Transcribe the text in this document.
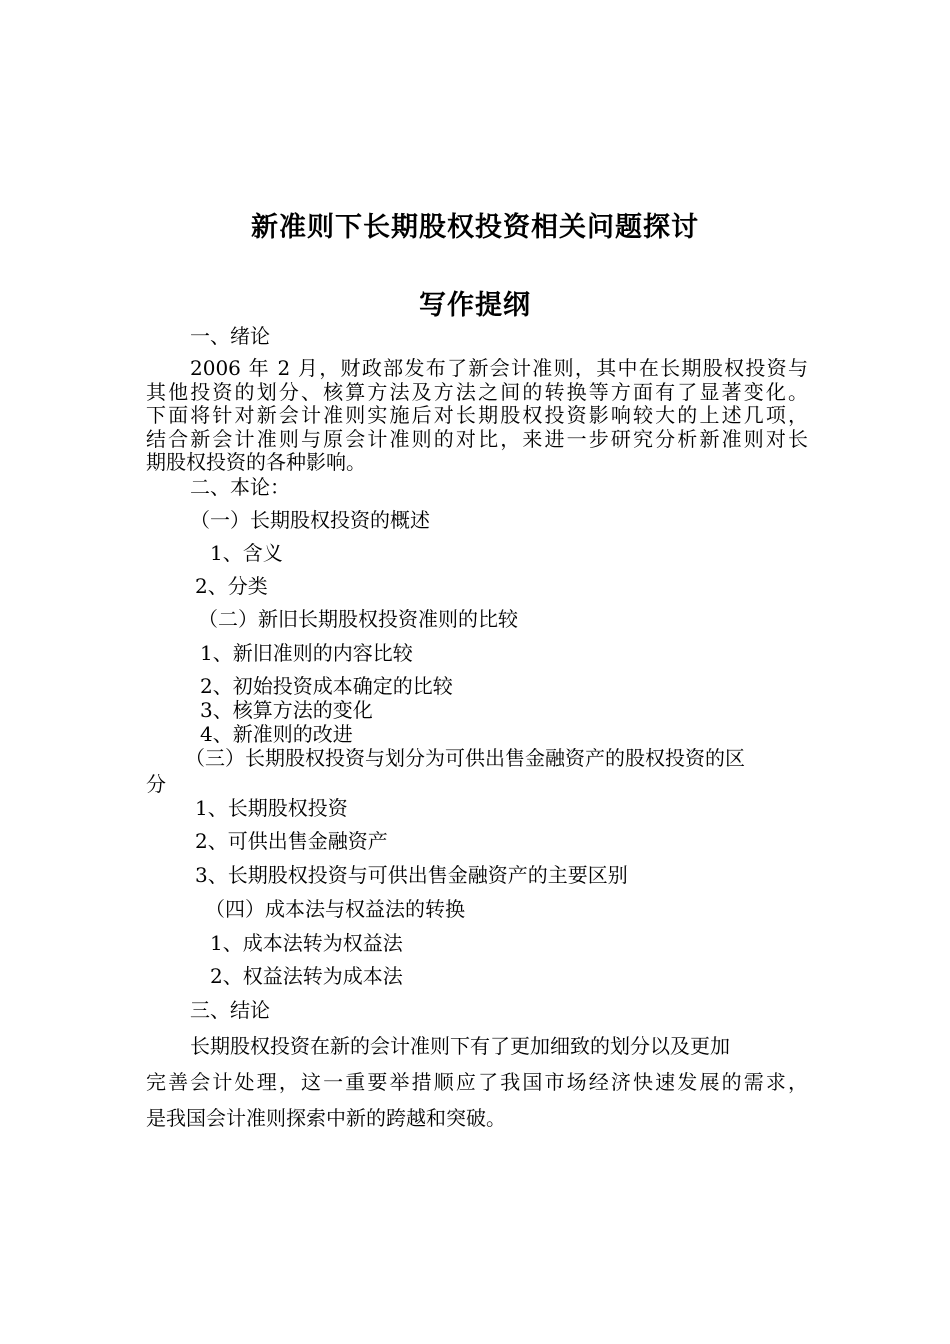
新准则下长期股权投资相关问题探讨
写作提纲
一、绪论
2006 年 2 月，财政部发布了新会计准则，其中在长期股权投资与
其他投资的划分、核算方法及方法之间的转换等方面有了显著变化。
下面将针对新会计准则实施后对长期股权投资影响较大的上述几项，
结合新会计准则与原会计准则的对比，来进一步研究分析新准则对长
期股权投资的各种影响。
二、本论：
（一）长期股权投资的概述
1、含义
2、分类
（二）新旧长期股权投资准则的比较
1、新旧准则的内容比较
2、初始投资成本确定的比较
3、核算方法的变化
4、新准则的改进
（三）长期股权投资与划分为可供出售金融资产的股权投资的区
分
1、长期股权投资
2、可供出售金融资产
3、长期股权投资与可供出售金融资产的主要区别
（四）成本法与权益法的转换
1、成本法转为权益法
2、权益法转为成本法
三、结论
长期股权投资在新的会计准则下有了更加细致的划分以及更加
完善会计处理，这一重要举措顺应了我国市场经济快速发展的需求，
是我国会计准则探索中新的跨越和突破。
